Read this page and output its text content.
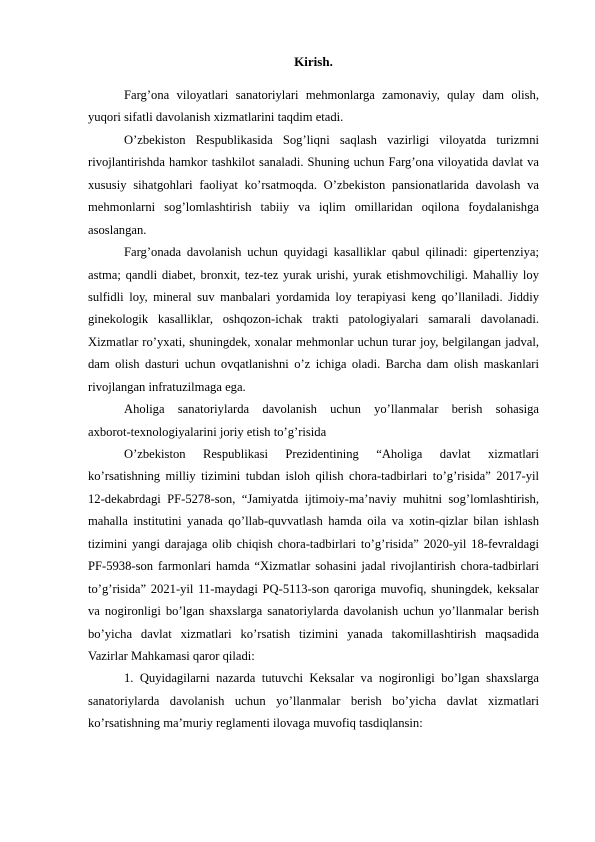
Kirish.
Farg’ona viloyatlari sanatoriylari mehmonlarga zamonaviy, qulay dam olish,
yuqori sifatli davolanish xizmatlarini taqdim etadi.
O’zbekiston Respublikasida Sog’liqni saqlash vazirligi viloyatda turizmni
rivojlantirishda hamkor tashkilot sanaladi. Shuning uchun Farg’ona viloyatida davlat va
xususiy sihatgohlari faoliyat ko’rsatmoqda. O’zbekiston pansionatlarida davolash va
mehmonlarni sog’lomlashtirish tabiiy va iqlim omillaridan oqilona foydalanishga
asoslangan.
Farg’onada davolanish uchun quyidagi kasalliklar qabul qilinadi: gipertenziya;
astma; qandli diabet, bronxit, tez-tez yurak urishi, yurak etishmovchiligi. Mahalliy loy
sulfidli loy, mineral suv manbalari yordamida loy terapiyasi keng qo’llaniladi. Jiddiy
ginekologik kasalliklar, oshqozon-ichak trakti patologiyalari samarali davolanadi.
Xizmatlar ro’yxati, shuningdek, xonalar mehmonlar uchun turar joy, belgilangan jadval,
dam olish dasturi uchun ovqatlanishni o’z ichiga oladi. Barcha dam olish maskanlari
rivojlangan infratuzilmaga ega.
Aholiga sanatoriylarda davolanish uchun yo’llanmalar berish sohasiga
axborot-texnologiyalarini joriy etish to’g’risida
O’zbekiston Respublikasi Prezidentining “Aholiga davlat xizmatlari
ko’rsatishning milliy tizimini tubdan isloh qilish chora-tadbirlari to’g’risida” 2017-yil
12-dekabrdagi PF-5278-son, “Jamiyatda ijtimoiy-ma’naviy muhitni sog’lomlashtirish,
mahalla institutini yanada qo’llab-quvvatlash hamda oila va xotin-qizlar bilan ishlash
tizimini yangi darajaga olib chiqish chora-tadbirlari to’g’risida” 2020-yil 18-fevraldagi
PF-5938-son farmonlari hamda “Xizmatlar sohasini jadal rivojlantirish chora-tadbirlari
to’g’risida” 2021-yil 11-maydagi PQ-5113-son qaroriga muvofiq, shuningdek, keksalar
va nogironligi bo’lgan shaxslarga sanatoriylarda davolanish uchun yo’llanmalar berish
bo’yicha davlat xizmatlari ko’rsatish tizimini yanada takomillashtirish maqsadida
Vazirlar Mahkamasi qaror qiladi:
1. Quyidagilarni nazarda tutuvchi Keksalar va nogironligi bo’lgan shaxslarga
sanatoriylarda davolanish uchun yo’llanmalar berish bo’yicha davlat xizmatlari
ko’rsatishning ma’muriy reglamenti ilovaga muvofiq tasdiqlansin:
